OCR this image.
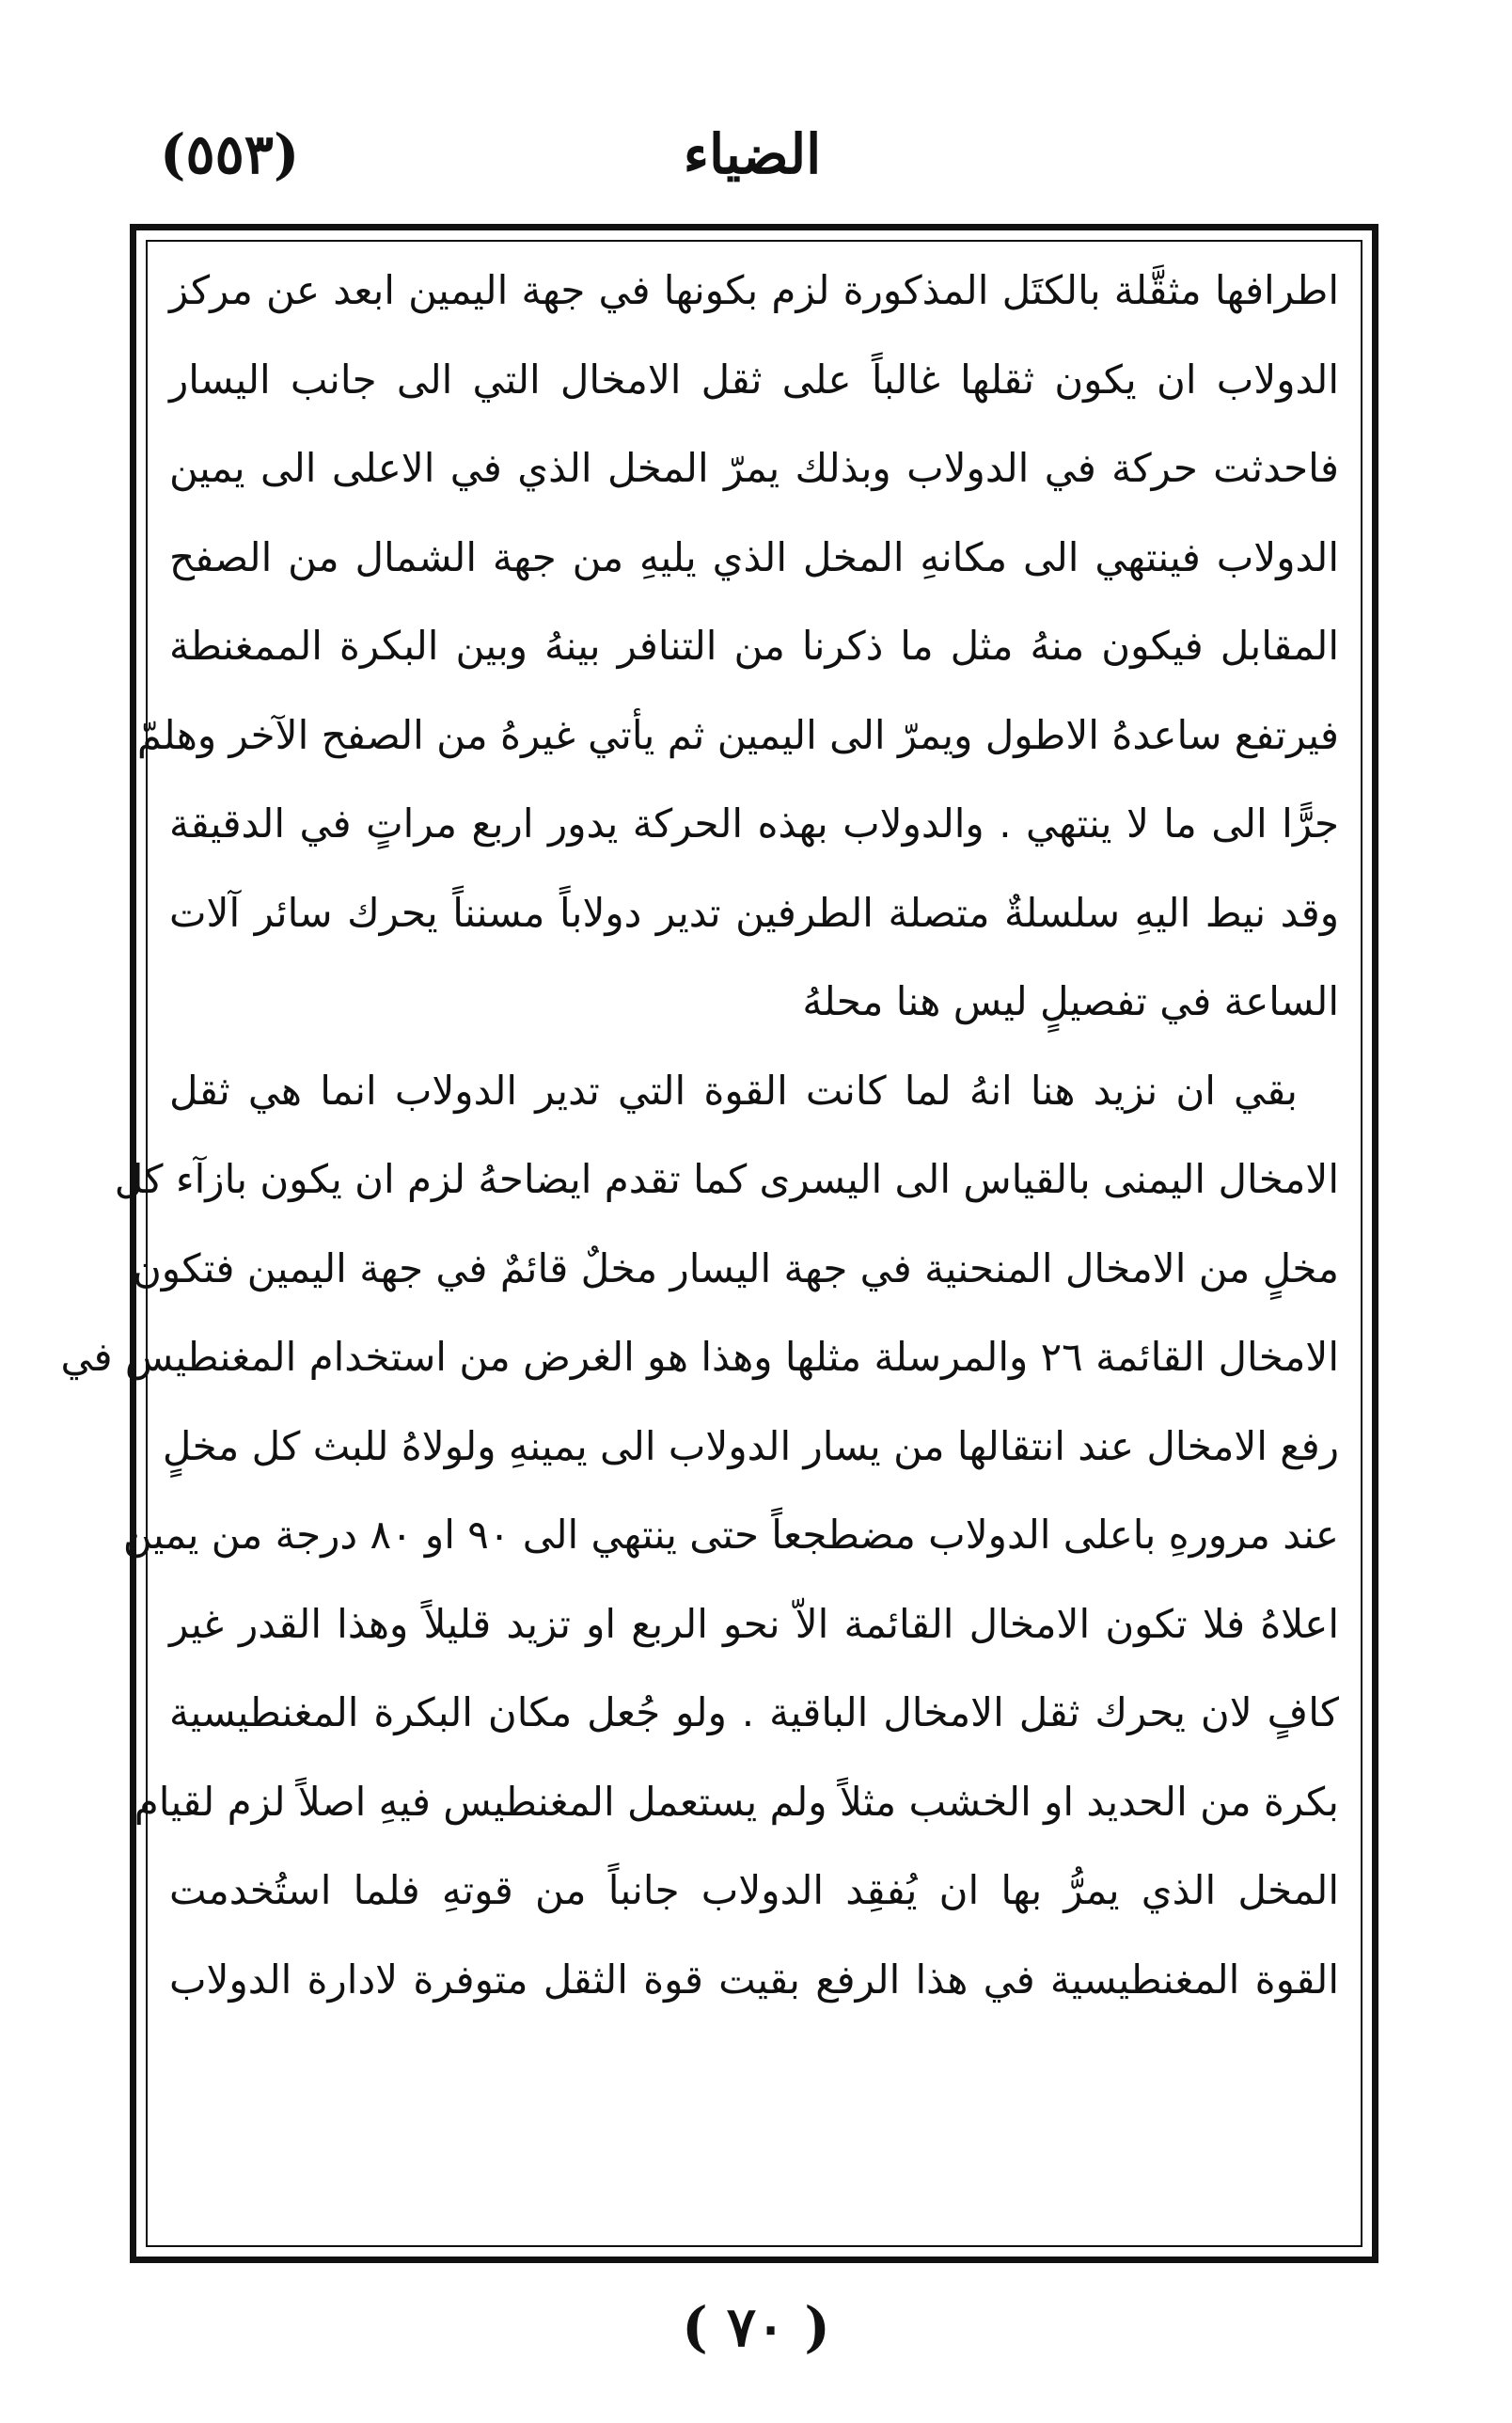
(٥٥٣)	الضياء
اطرافها مثقَّلة بالكتَل المذكورة لزم بكونها في جهة اليمين ابعد عن مركز
الدولاب ان يكون ثقلها غالباً على ثقل الامخال التي الى جانب اليسار
فاحدثت حركة في الدولاب وبذلك يمرّ المخل الذي في الاعلى الى يمين
الدولاب فينتهي الى مكانهِ المخل الذي يليهِ من جهة الشمال من الصفح
المقابل فيكون منهُ مثل ما ذكرنا من التنافر بينهُ وبين البكرة الممغنطة
فيرتفع ساعدهُ الاطول ويمرّ الى اليمين ثم يأتي غيرهُ من الصفح الآخر وهلمّ
جرًّا الى ما لا ينتهي . والدولاب بهذه الحركة يدور اربع مراتٍ في الدقيقة
وقد نيط اليهِ سلسلةٌ متصلة الطرفين تدير دولاباً مسنناً يحرك سائر آلات
الساعة في تفصيلٍ ليس هنا محلهُ
بقي ان نزيد هنا انهُ لما كانت القوة التي تدير الدولاب انما هي ثقل
الامخال اليمنى بالقياس الى اليسرى كما تقدم ايضاحهُ لزم ان يكون بازآء كل
مخلٍ من الامخال المنحنية في جهة اليسار مخلٌ قائمٌ في جهة اليمين فتكون
الامخال القائمة ٢٦ والمرسلة مثلها وهذا هو الغرض من استخدام المغنطيس في
رفع الامخال عند انتقالها من يسار الدولاب الى يمينهِ ولولاهُ للبث كل مخلٍ
عند مرورهِ باعلى الدولاب مضطجعاً حتى ينتهي الى ٩٠ او ٨٠ درجة من يمين
اعلاهُ فلا تكون الامخال القائمة الاّ نحو الربع او تزيد قليلاً وهذا القدر غير
كافٍ لان يحرك ثقل الامخال الباقية . ولو جُعل مكان البكرة المغنطيسية
بكرة من الحديد او الخشب مثلاً ولم يستعمل المغنطيس فيهِ اصلاً لزم لقيام
المخل الذي يمرُّ بها ان يُفقِد الدولاب جانباً من قوتهِ فلما استُخدمت
القوة المغنطيسية في هذا الرفع بقيت قوة الثقل متوفرة لادارة الدولاب
( ٧٠ )
